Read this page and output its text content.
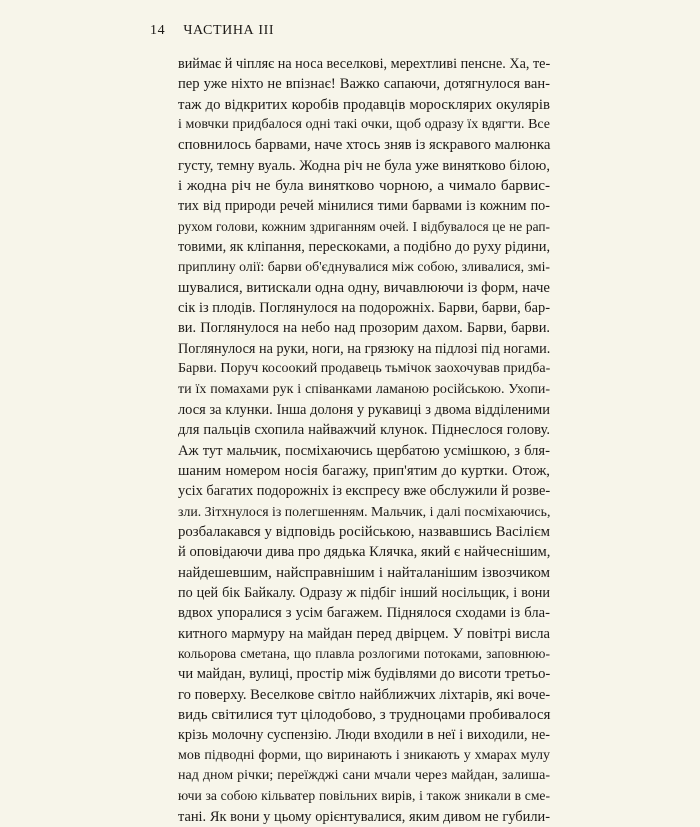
14 ЧАСТИНА ІІІ
виймає й чіпляє на носа веселкові, мерехтливі пенсне. Ха, те-
пер уже ніхто не впізнає! Важко сапаючи, дотягнулося ван-
таж до відкритих коробів продавців моросклярих окулярів
і мовчки придбалося одні такі очки, щоб одразу їх вдягти. Все
сповнилось барвами, наче хтось зняв із яскравого малюнка
густу, темну вуаль. Жодна річ не була уже винятково білою,
і жодна річ не була винятково чорною, а чимало барвис-
тих від природи речей мінилися тими барвами із кожним по-
рухом голови, кожним здриганням очей. І відбувалося це не рап-
товими, як кліпання, перескоками, а подібно до руху рідини,
приплину олії: барви об'єднувалися між собою, зливалися, змі-
шувалися, витискали одна одну, вичавлюючи із форм, наче
сік із плодів. Поглянулося на подорожніх. Барви, барви, бар-
ви. Поглянулося на небо над прозорим дахом. Барви, барви.
Поглянулося на руки, ноги, на грязюку на підлозі під ногами.
Барви. Поруч косоокий продавець тьмічок заохочував придба-
ти їх помахами рук і співанками ламаною російською. Ухопи-
лося за клунки. Інша долоня у рукавиці з двома відділеними
для пальців схопила найважчий клунок. Піднеслося голову.
Аж тут мальчик, посміхаючись щербатою усмішкою, з бля-
шаним номером носія багажу, прип'ятим до куртки. Отож,
усіх багатих подорожніх із експресу вже обслужили й розве-
зли. Зітхнулося із полегшенням. Мальчик, і далі посміхаючись,
розбалакався у відповідь російською, назвавшись Васілієм
й оповідаючи дива про дядька Клячка, який є найчеснішим,
найдешевшим, найсправнішим і найталанішим ізвозчиком
по цей бік Байкалу. Одразу ж підбіг інший носільщик, і вони
вдвох упоралися з усім багажем. Піднялося сходами із бла-
китного мармуру на майдан перед двірцем. У повітрі висла
кольорова сметана, що плавла розлогими потоками, заповнюю-
чи майдан, вулиці, простір між будівлями до висоти третьо-
го поверху. Веселкове світло найближчих ліхтарів, які воче-
видь світилися тут цілодобово, з трудноцами пробивалося
крізь молочну суспензію. Люди входили в неї і виходили, не-
мов підводні форми, що виринають і зникають у хмарах мулу
над дном річки; переїжджі сани мчали через майдан, залиша-
ючи за собою кільватер повільних вирів, і також зникали в сме-
тані. Як вони у цьому орієнтувалися, яким дивом не губили-
